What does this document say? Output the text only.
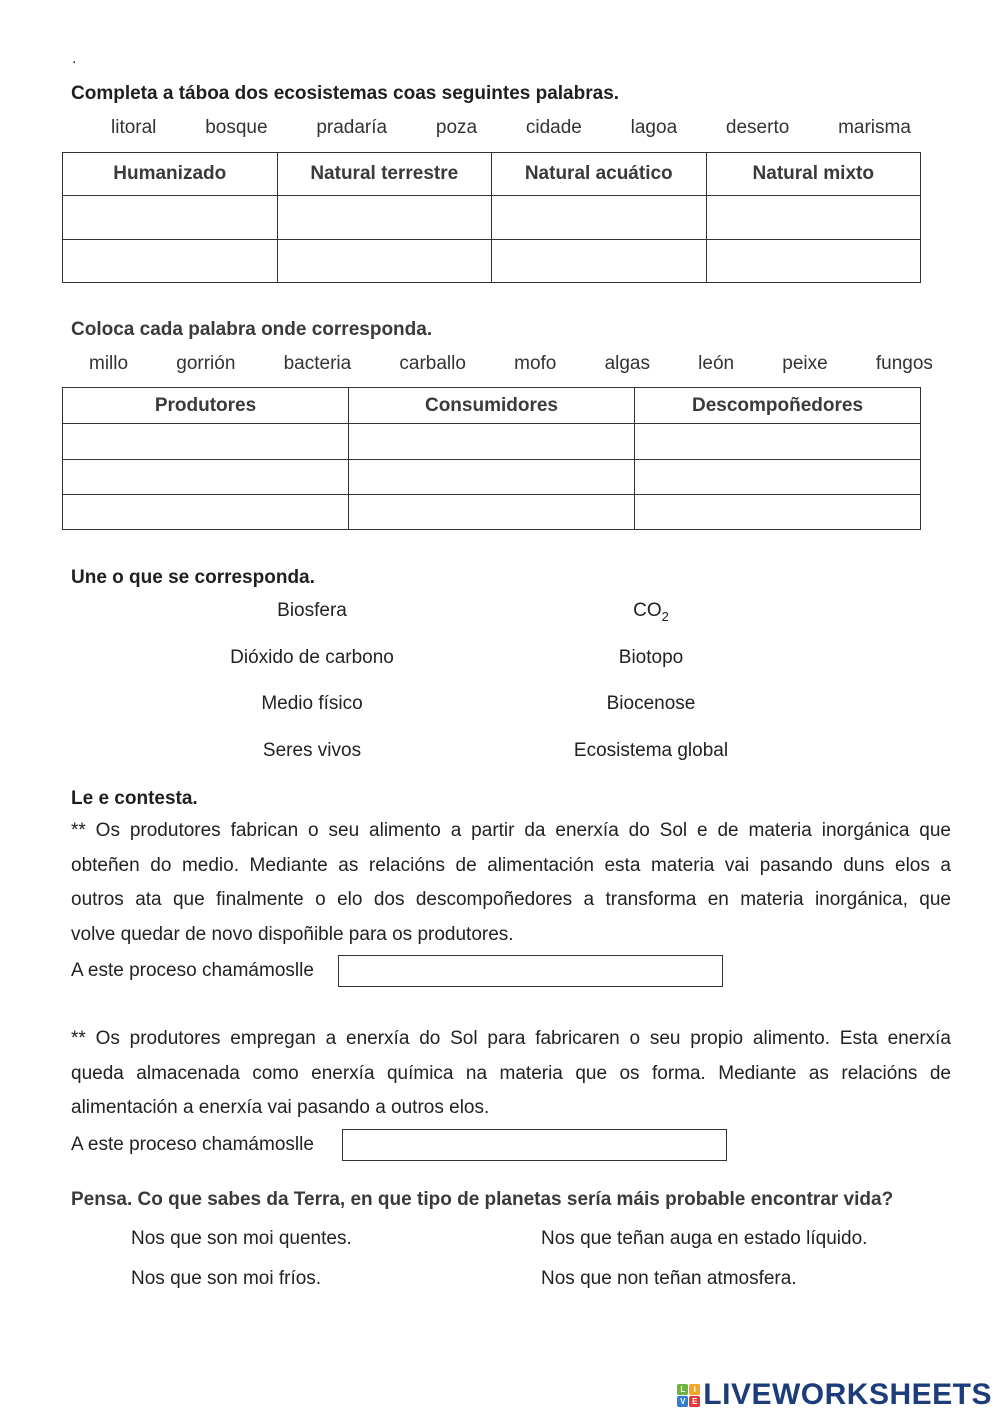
.
Completa a táboa dos ecosistemas coas seguintes palabras.
litoral	bosque	pradaría	poza	cidade	lagoa	deserto	marisma
Humanizado	Natural terrestre	Natural acuático	Natural mixto

Coloca cada palabra onde corresponda.
millo	gorrión	bacteria	carballo	mofo	algas	león	peixe	fungos
Produtores	Consumidores	Descompoñedores

Une o que se corresponda.
Biosfera
Dióxido de carbono
Medio físico
Seres vivos
$CO_2$
Biotopo
Biocenose
Ecosistema global
Le e contesta.
** Os produtores fabrican o seu alimento a partir da enerxía do Sol e de materia inorgánica que
obteñen do medio. Mediante as relacións de alimentación esta materia vai pasando duns elos a
outros ata que finalmente o elo dos descompoñedores a transforma en materia inorgánica, que
volve quedar de novo dispoñible para os produtores.
A este proceso chamámoslle
** Os produtores empregan a enerxía do Sol para fabricaren o seu propio alimento. Esta enerxía
queda almacenada como enerxía química na materia que os forma. Mediante as relacións de
alimentación a enerxía vai pasando a outros elos.
A este proceso chamámoslle
Pensa. Co que sabes da Terra, en que tipo de planetas sería máis probable encontrar vida?
Nos que son moi quentes.	Nos que teñan auga en estado líquido.
Nos que son moi fríos.	Nos que non teñan atmosfera.
L	I
V E LIVEWORKSHEETS
